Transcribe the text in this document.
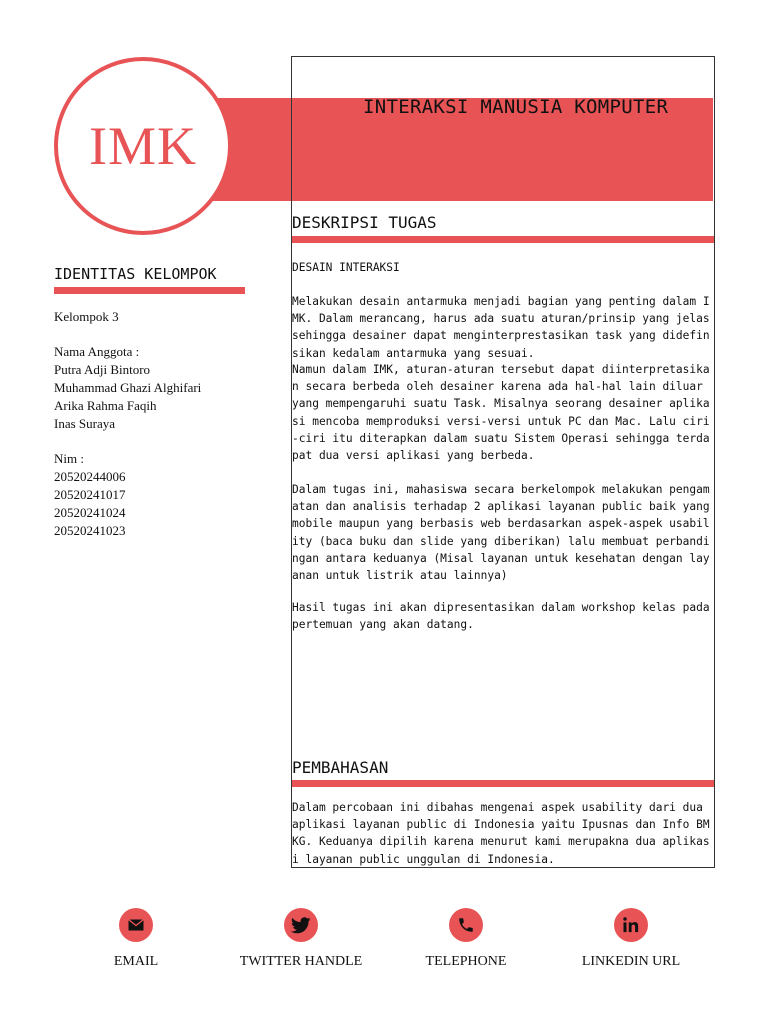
IMK
INTERAKSI MANUSIA KOMPUTER
DESKRIPSI TUGAS
DESAIN INTERAKSI
Melakukan desain antarmuka menjadi bagian yang penting dalam IMK. Dalam merancang, harus ada suatu aturan/prinsip yang jelas sehingga desainer dapat menginterprestasikan task yang didefinsikan kedalam antarmuka yang sesuai.
Namun dalam IMK, aturan-aturan tersebut dapat diinterpretasikan secara berbeda oleh desainer karena ada hal-hal lain diluar yang mempengaruhi suatu Task. Misalnya seorang desainer aplikasi mencoba memproduksi versi-versi untuk PC dan Mac. Lalu ciri-ciri itu diterapkan dalam suatu Sistem Operasi sehingga terdapat dua versi aplikasi yang berbeda.
Dalam tugas ini, mahasiswa secara berkelompok melakukan pengamatan dan analisis terhadap 2 aplikasi layanan public baik yang mobile maupun yang berbasis web berdasarkan aspek-aspek usability (baca buku dan slide yang diberikan) lalu membuat perbandingan antara keduanya (Misal layanan untuk kesehatan dengan layanan untuk listrik atau lainnya)
Hasil tugas ini akan dipresentasikan dalam workshop kelas pada pertemuan yang akan datang.
PEMBAHASAN
Dalam percobaan ini dibahas mengenai aspek usability dari dua aplikasi layanan public di Indonesia yaitu Ipusnas dan Info BMKG. Keduanya dipilih karena menurut kami merupakna dua aplikasi layanan public unggulan di Indonesia.
IDENTITAS KELOMPOK
Kelompok 3
Nama Anggota :
Putra Adji Bintoro
Muhammad Ghazi Alghifari
Arika Rahma Faqih
Inas Suraya
Nim :
20520244006
20520241017
20520241024
20520241023
EMAIL	TWITTER HANDLE	TELEPHONE	LINKEDIN URL
